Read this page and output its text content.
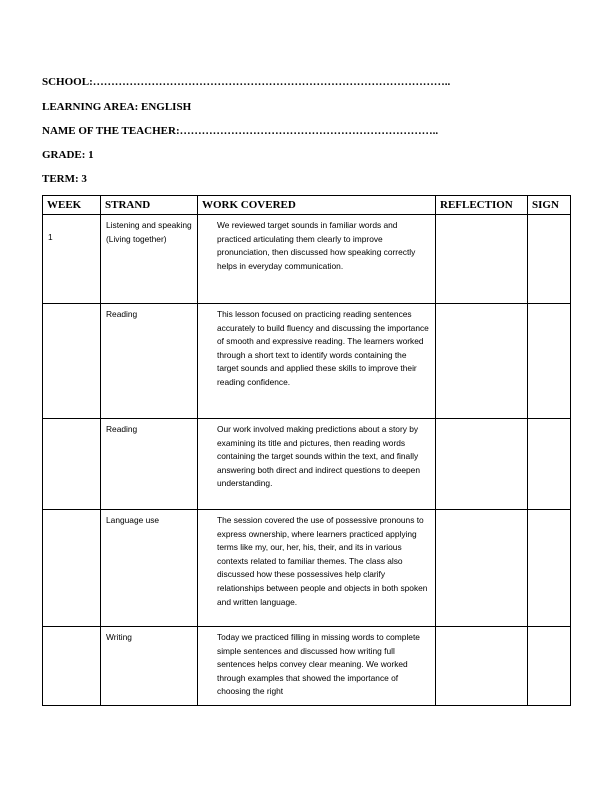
SCHOOL:……………………………………………………………………………………..
LEARNING AREA: ENGLISH
NAME OF THE TEACHER:……………………………………………………………..
GRADE: 1
TERM: 3
WEEK	STRAND	WORK COVERED	REFLECTION	SIGN
1	Listening and speaking (Living together)	We reviewed target sounds in familiar words and practiced articulating them clearly to improve pronunciation, then discussed how speaking correctly helps in everyday communication.		
	Reading	This lesson focused on practicing reading sentences accurately to build fluency and discussing the importance of smooth and expressive reading. The learners worked through a short text to identify words containing the target sounds and applied these skills to improve their reading confidence.		
	Reading	Our work involved making predictions about a story by examining its title and pictures, then reading words containing the target sounds within the text, and finally answering both direct and indirect questions to deepen understanding.		
	Language use	The session covered the use of possessive pronouns to express ownership, where learners practiced applying terms like my, our, her, his, their, and its in various contexts related to familiar themes. The class also discussed how these possessives help clarify relationships between people and objects in both spoken and written language.		
	Writing	Today we practiced filling in missing words to complete simple sentences and discussed how writing full sentences helps convey clear meaning. We worked through examples that showed the importance of choosing the right		
